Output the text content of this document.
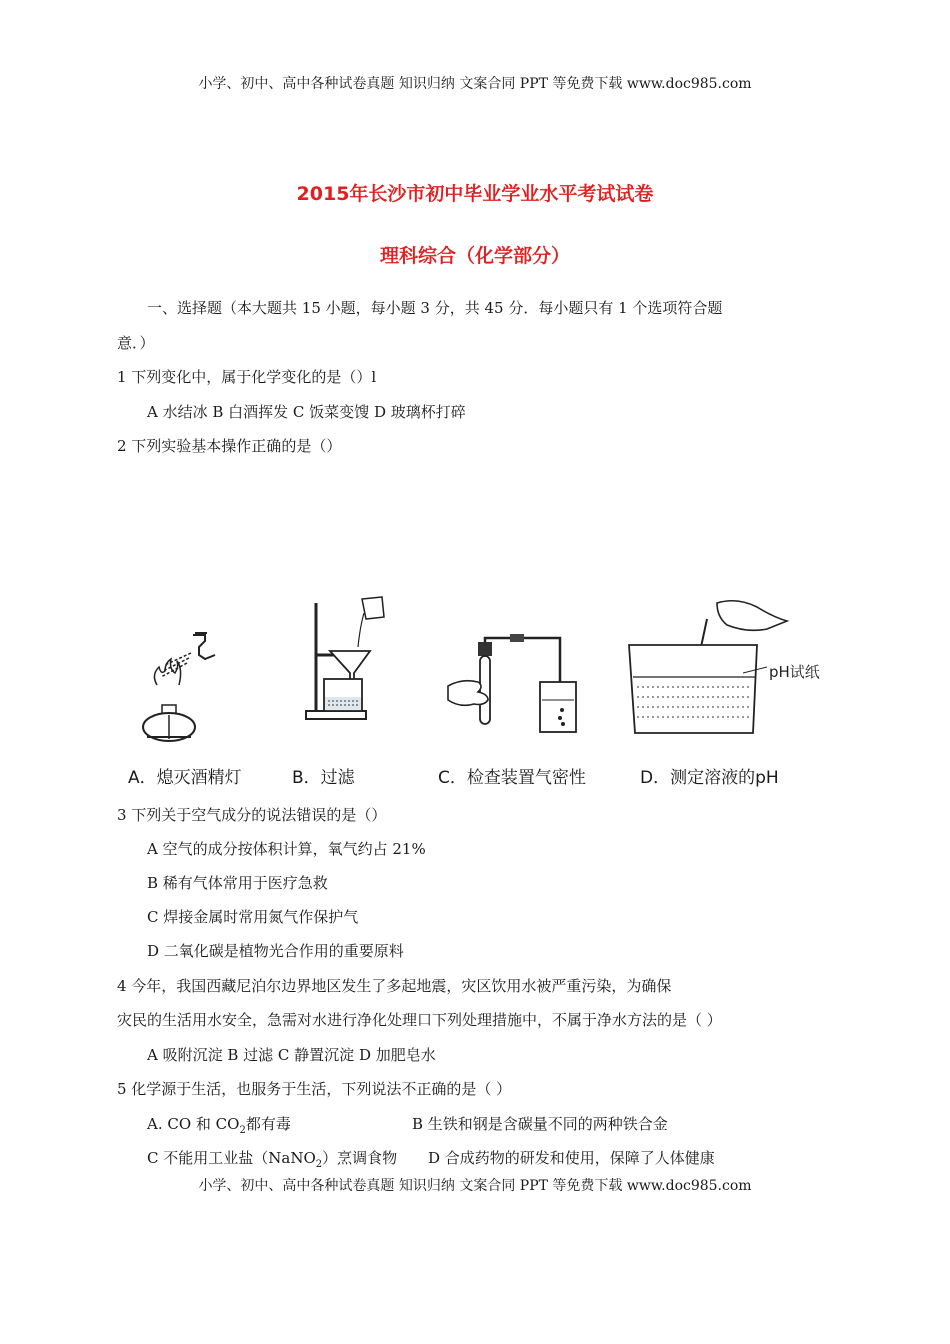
小学、初中、高中各种试卷真题 知识归纳 文案合同 PPT 等免费下载 www.doc985.com
2015年长沙市初中毕业学业水平考试试卷
理科综合（化学部分）
一、选择题（本大题共 15 小题，每小题 3 分，共 45 分．每小题只有 1 个选项符合题
意．）
1 下列变化中，属于化学变化的是（）l
A 水结冰 B 白酒挥发 C 饭菜变馊 D 玻璃杯打碎
2 下列实验基本操作正确的是（）
pH试纸
A．熄灭酒精灯	B．过滤	C．检查装置气密性	D．测定溶液的pH
3 下列关于空气成分的说法错误的是（）
A 空气的成分按体积计算，氧气约占 21%
B 稀有气体常用于医疗急救
C 焊接金属时常用氮气作保护气
D 二氧化碳是植物光合作用的重要原料
4 今年，我国西藏尼泊尔边界地区发生了多起地震，灾区饮用水被严重污染，为确保
灾民的生活用水安全，急需对水进行净化处理口下列处理措施中，不属于净水方法的是（ ）
A 吸附沉淀 B 过滤 C 静置沉淀 D 加肥皂水
5 化学源于生活，也服务于生活，下列说法不正确的是（ ）
A. CO 和 $CO_2$都有毒	B 生铁和钢是含碳量不同的两种铁合金
C 不能用工业盐（NaNO$_2$）烹调食物 D 合成药物的研发和使用，保障了人体健康
小学、初中、高中各种试卷真题 知识归纳 文案合同 PPT 等免费下载 www.doc985.com
